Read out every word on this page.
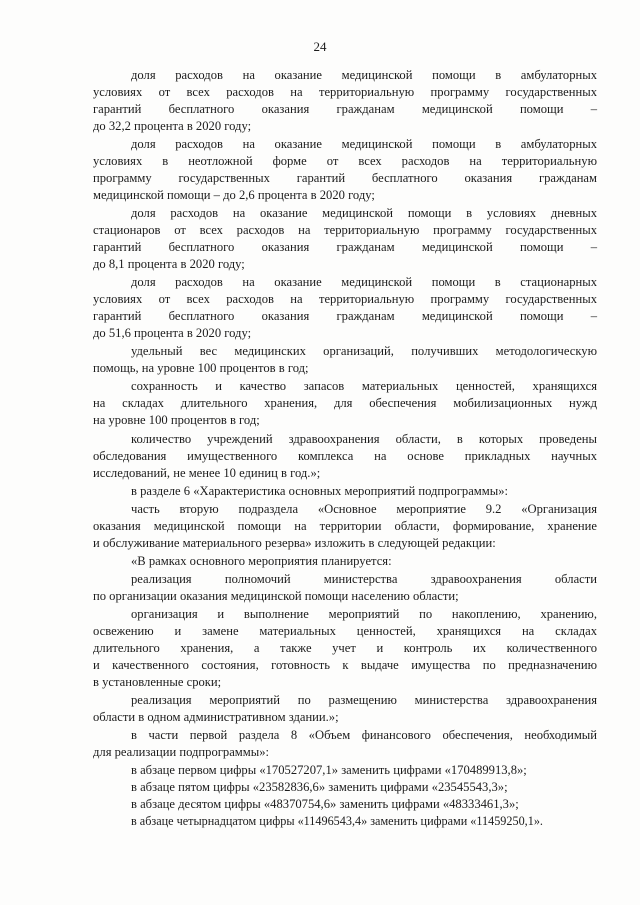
24
доля расходов на оказание медицинской помощи в амбулаторных
условиях от всех расходов на территориальную программу государственных
гарантий бесплатного оказания гражданам медицинской помощи –
до 32,2 процента в 2020 году;
доля расходов на оказание медицинской помощи в амбулаторных
условиях в неотложной форме от всех расходов на территориальную
программу государственных гарантий бесплатного оказания гражданам
медицинской помощи – до 2,6 процента в 2020 году;
доля расходов на оказание медицинской помощи в условиях дневных
стационаров от всех расходов на территориальную программу государственных
гарантий бесплатного оказания гражданам медицинской помощи –
до 8,1 процента в 2020 году;
доля расходов на оказание медицинской помощи в стационарных
условиях от всех расходов на территориальную программу государственных
гарантий бесплатного оказания гражданам медицинской помощи –
до 51,6 процента в 2020 году;
удельный вес медицинских организаций, получивших методологическую
помощь, на уровне 100 процентов в год;
сохранность и качество запасов материальных ценностей, хранящихся
на складах длительного хранения, для обеспечения мобилизационных нужд
на уровне 100 процентов в год;
количество учреждений здравоохранения области, в которых проведены
обследования имущественного комплекса на основе прикладных научных
исследований, не менее 10 единиц в год.»;
в разделе 6 «Характеристика основных мероприятий подпрограммы»:
часть вторую подраздела «Основное мероприятие 9.2 «Организация
оказания медицинской помощи на территории области, формирование, хранение
и обслуживание материального резерва» изложить в следующей редакции:
«В рамках основного мероприятия планируется:
реализация полномочий министерства здравоохранения области
по организации оказания медицинской помощи населению области;
организация и выполнение мероприятий по накоплению, хранению,
освежению и замене материальных ценностей, хранящихся на складах
длительного хранения, а также учет и контроль их количественного
и качественного состояния, готовность к выдаче имущества по предназначению
в установленные сроки;
реализация мероприятий по размещению министерства здравоохранения
области в одном административном здании.»;
в части первой раздела 8 «Объем финансового обеспечения, необходимый
для реализации подпрограммы»:
в абзаце первом цифры «170527207,1» заменить цифрами «170489913,8»;
в абзаце пятом цифры «23582836,6» заменить цифрами «23545543,3»;
в абзаце десятом цифры «48370754,6» заменить цифрами «48333461,3»;
в абзаце четырнадцатом цифры «11496543,4» заменить цифрами «11459250,1».
